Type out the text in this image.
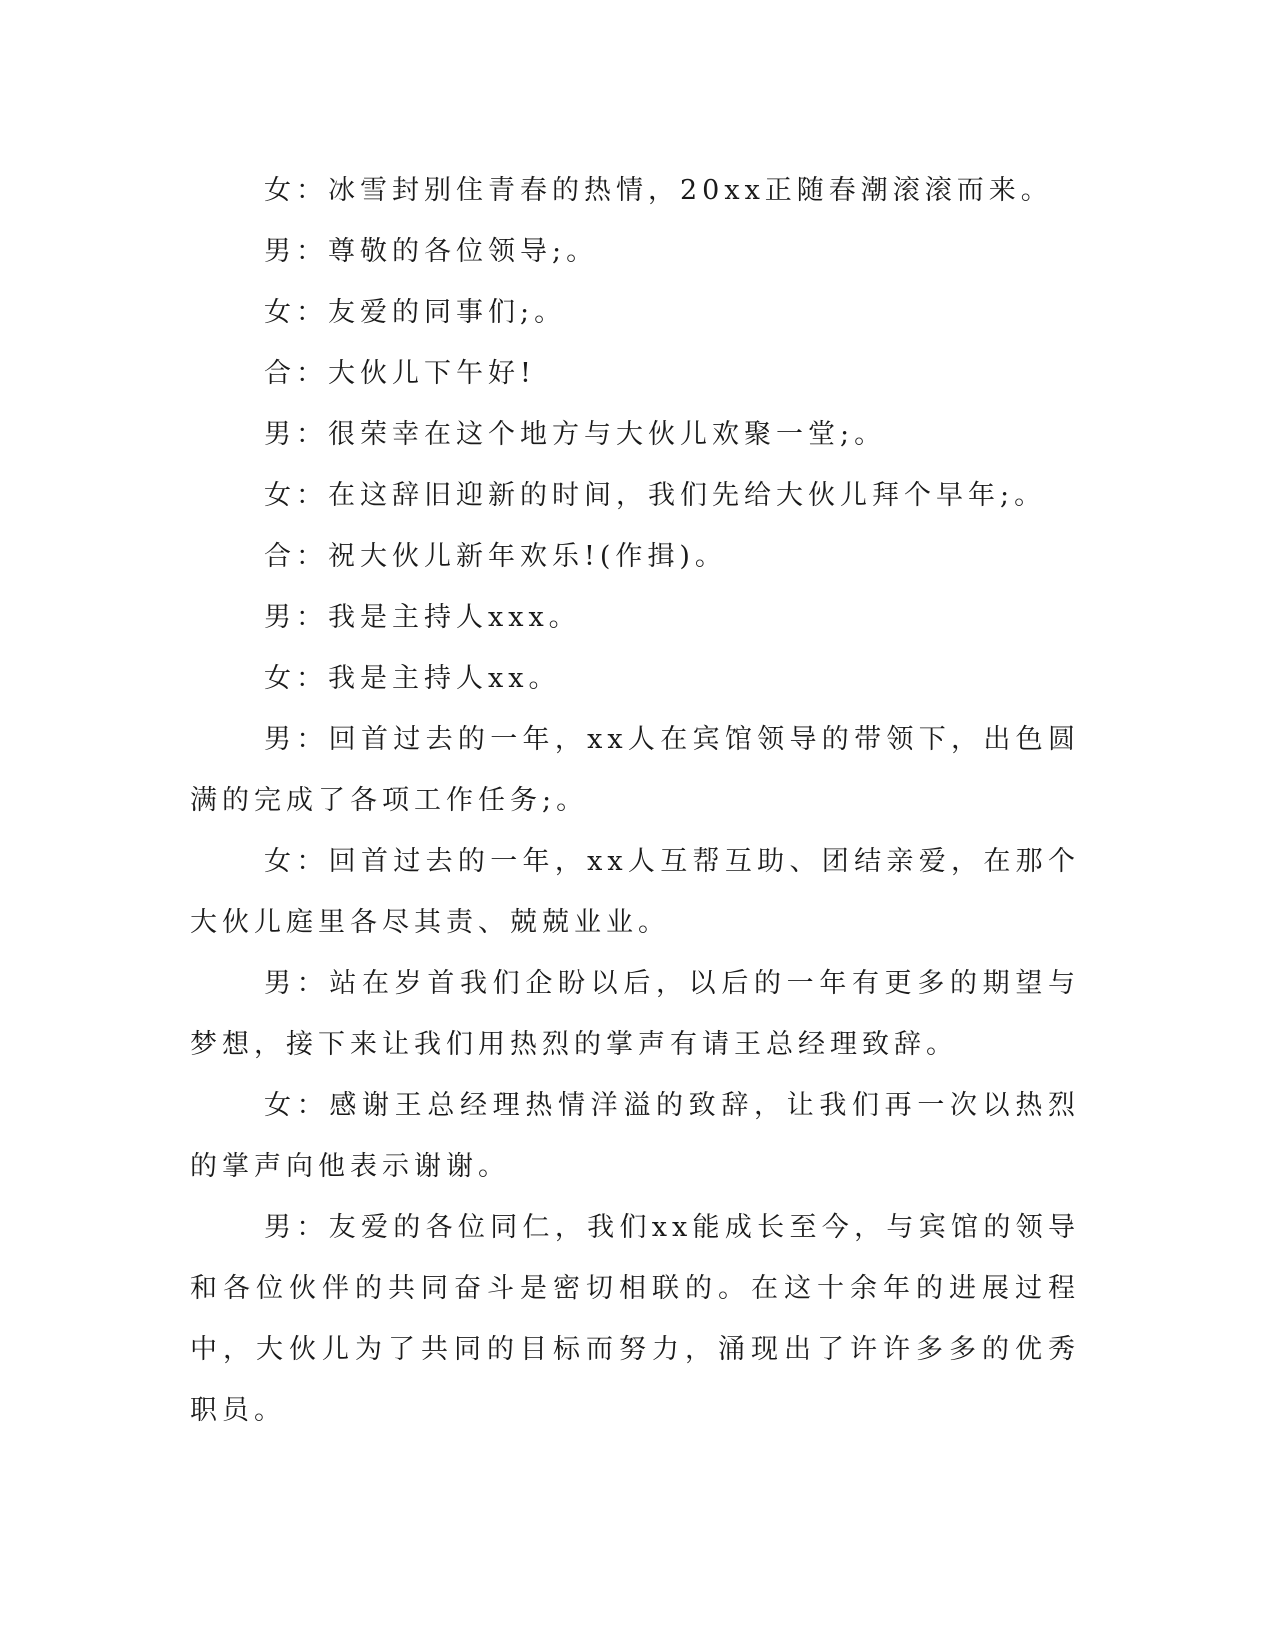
女：冰雪封别住青春的热情，20xx正随春潮滚滚而来。

男：尊敬的各位领导;。

女：友爱的同事们;。

合：大伙儿下午好!

男：很荣幸在这个地方与大伙儿欢聚一堂;。

女：在这辞旧迎新的时间，我们先给大伙儿拜个早年;。

合：祝大伙儿新年欢乐!(作揖)。

男：我是主持人xxx。

女：我是主持人xx。

男：回首过去的一年，xx人在宾馆领导的带领下，出色圆满的完成了各项工作任务;。

女：回首过去的一年，xx人互帮互助、团结亲爱，在那个大伙儿庭里各尽其责、兢兢业业。

男：站在岁首我们企盼以后，以后的一年有更多的期望与梦想，接下来让我们用热烈的掌声有请王总经理致辞。

女：感谢王总经理热情洋溢的致辞，让我们再一次以热烈的掌声向他表示谢谢。

男：友爱的各位同仁，我们xx能成长至今，与宾馆的领导和各位伙伴的共同奋斗是密切相联的。在这十余年的进展过程中，大伙儿为了共同的目标而努力，涌现出了许许多多的优秀职员。
